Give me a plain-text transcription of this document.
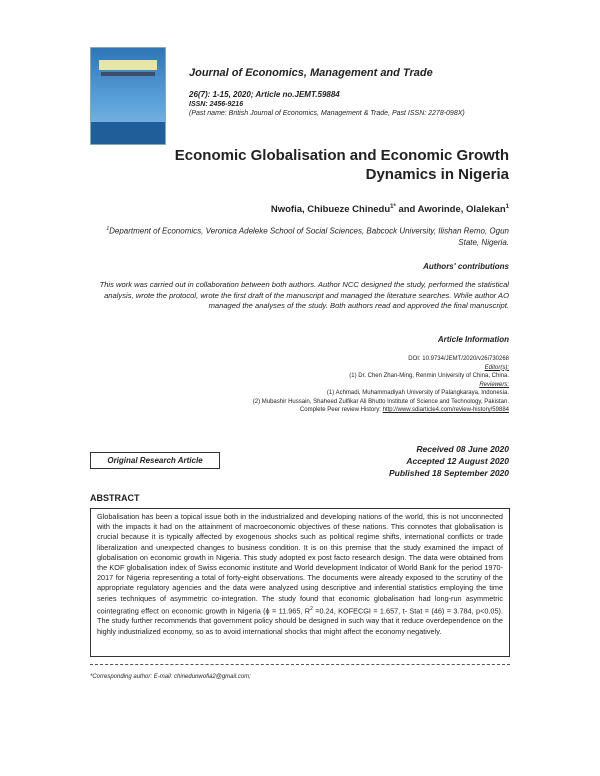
Journal of Economics, Management and Trade
26(7): 1-15, 2020; Article no.JEMT.59884
ISSN: 2456-9216
(Past name: British Journal of Economics, Management & Trade, Past ISSN: 2278-098X)
Economic Globalisation and Economic Growth
Dynamics in Nigeria
Nwofia, Chibueze Chinedu$^{1*}$ and Aworinde, Olalekan$^1$
$^1$Department of Economics, Veronica Adeleke School of Social Sciences, Babcock University, Ilishan Remo, Ogun State, Nigeria.
Authors' contributions
This work was carried out in collaboration between both authors. Author NCC designed the study, performed the statistical analysis, wrote the protocol, wrote the first draft of the manuscript and managed the literature searches. While author AO managed the analyses of the study. Both authors read and approved the final manuscript.
Article Information
DOI: 10.9734/JEMT/2020/v26i730268
Editor(s):
(1) Dr. Chen Zhan-Ming, Renmin University of China, China.
Reviewers:
(1) Achmadi, Muhammadiyah University of Palangkaraya, Indonesia.
(2) Mubashir Hussain, Shaheed Zulfikar Ali Bhutto Institute of Science and Technology, Pakistan.
Complete Peer review History: http://www.sdiarticle4.com/review-history/59884
Original Research Article
Received 08 June 2020
Accepted 12 August 2020
Published 18 September 2020
ABSTRACT
Globalisation has been a topical issue both in the industrialized and developing nations of the world, this is not unconnected with the impacts it had on the attainment of macroeconomic objectives of these nations. This connotes that globalisation is crucial because it is typically affected by exogenous shocks such as political regime shifts, international conflicts or trade liberalization and unexpected changes to business condition. It is on this premise that the study examined the impact of globalisation on economic growth in Nigeria. This study adopted ex post facto research design. The data were obtained from the KOF globalisation index of Swiss economic institute and World development Indicator of World Bank for the period 1970-2017 for Nigeria representing a total of forty-eight observations. The documents were already exposed to the scrutiny of the appropriate regulatory agencies and the data were analyzed using descriptive and inferential statistics employing the time series techniques of asymmetric co-integration. The study found that economic globalisation had long-run asymmetric cointegrating effect on economic growth in Nigeria (ϕ = 11.965, $R^2 =0.24$, KOFECGI = 1.657, t- Stat = (46) = 3.784, p<0.05). The study further recommends that government policy should be designed in such way that it reduce overdependence on the highly industrialized economy, so as to avoid international shocks that might affect the economy negatively.
*Corresponding author: E-mail: chinedunwofia2@gmail.com;
